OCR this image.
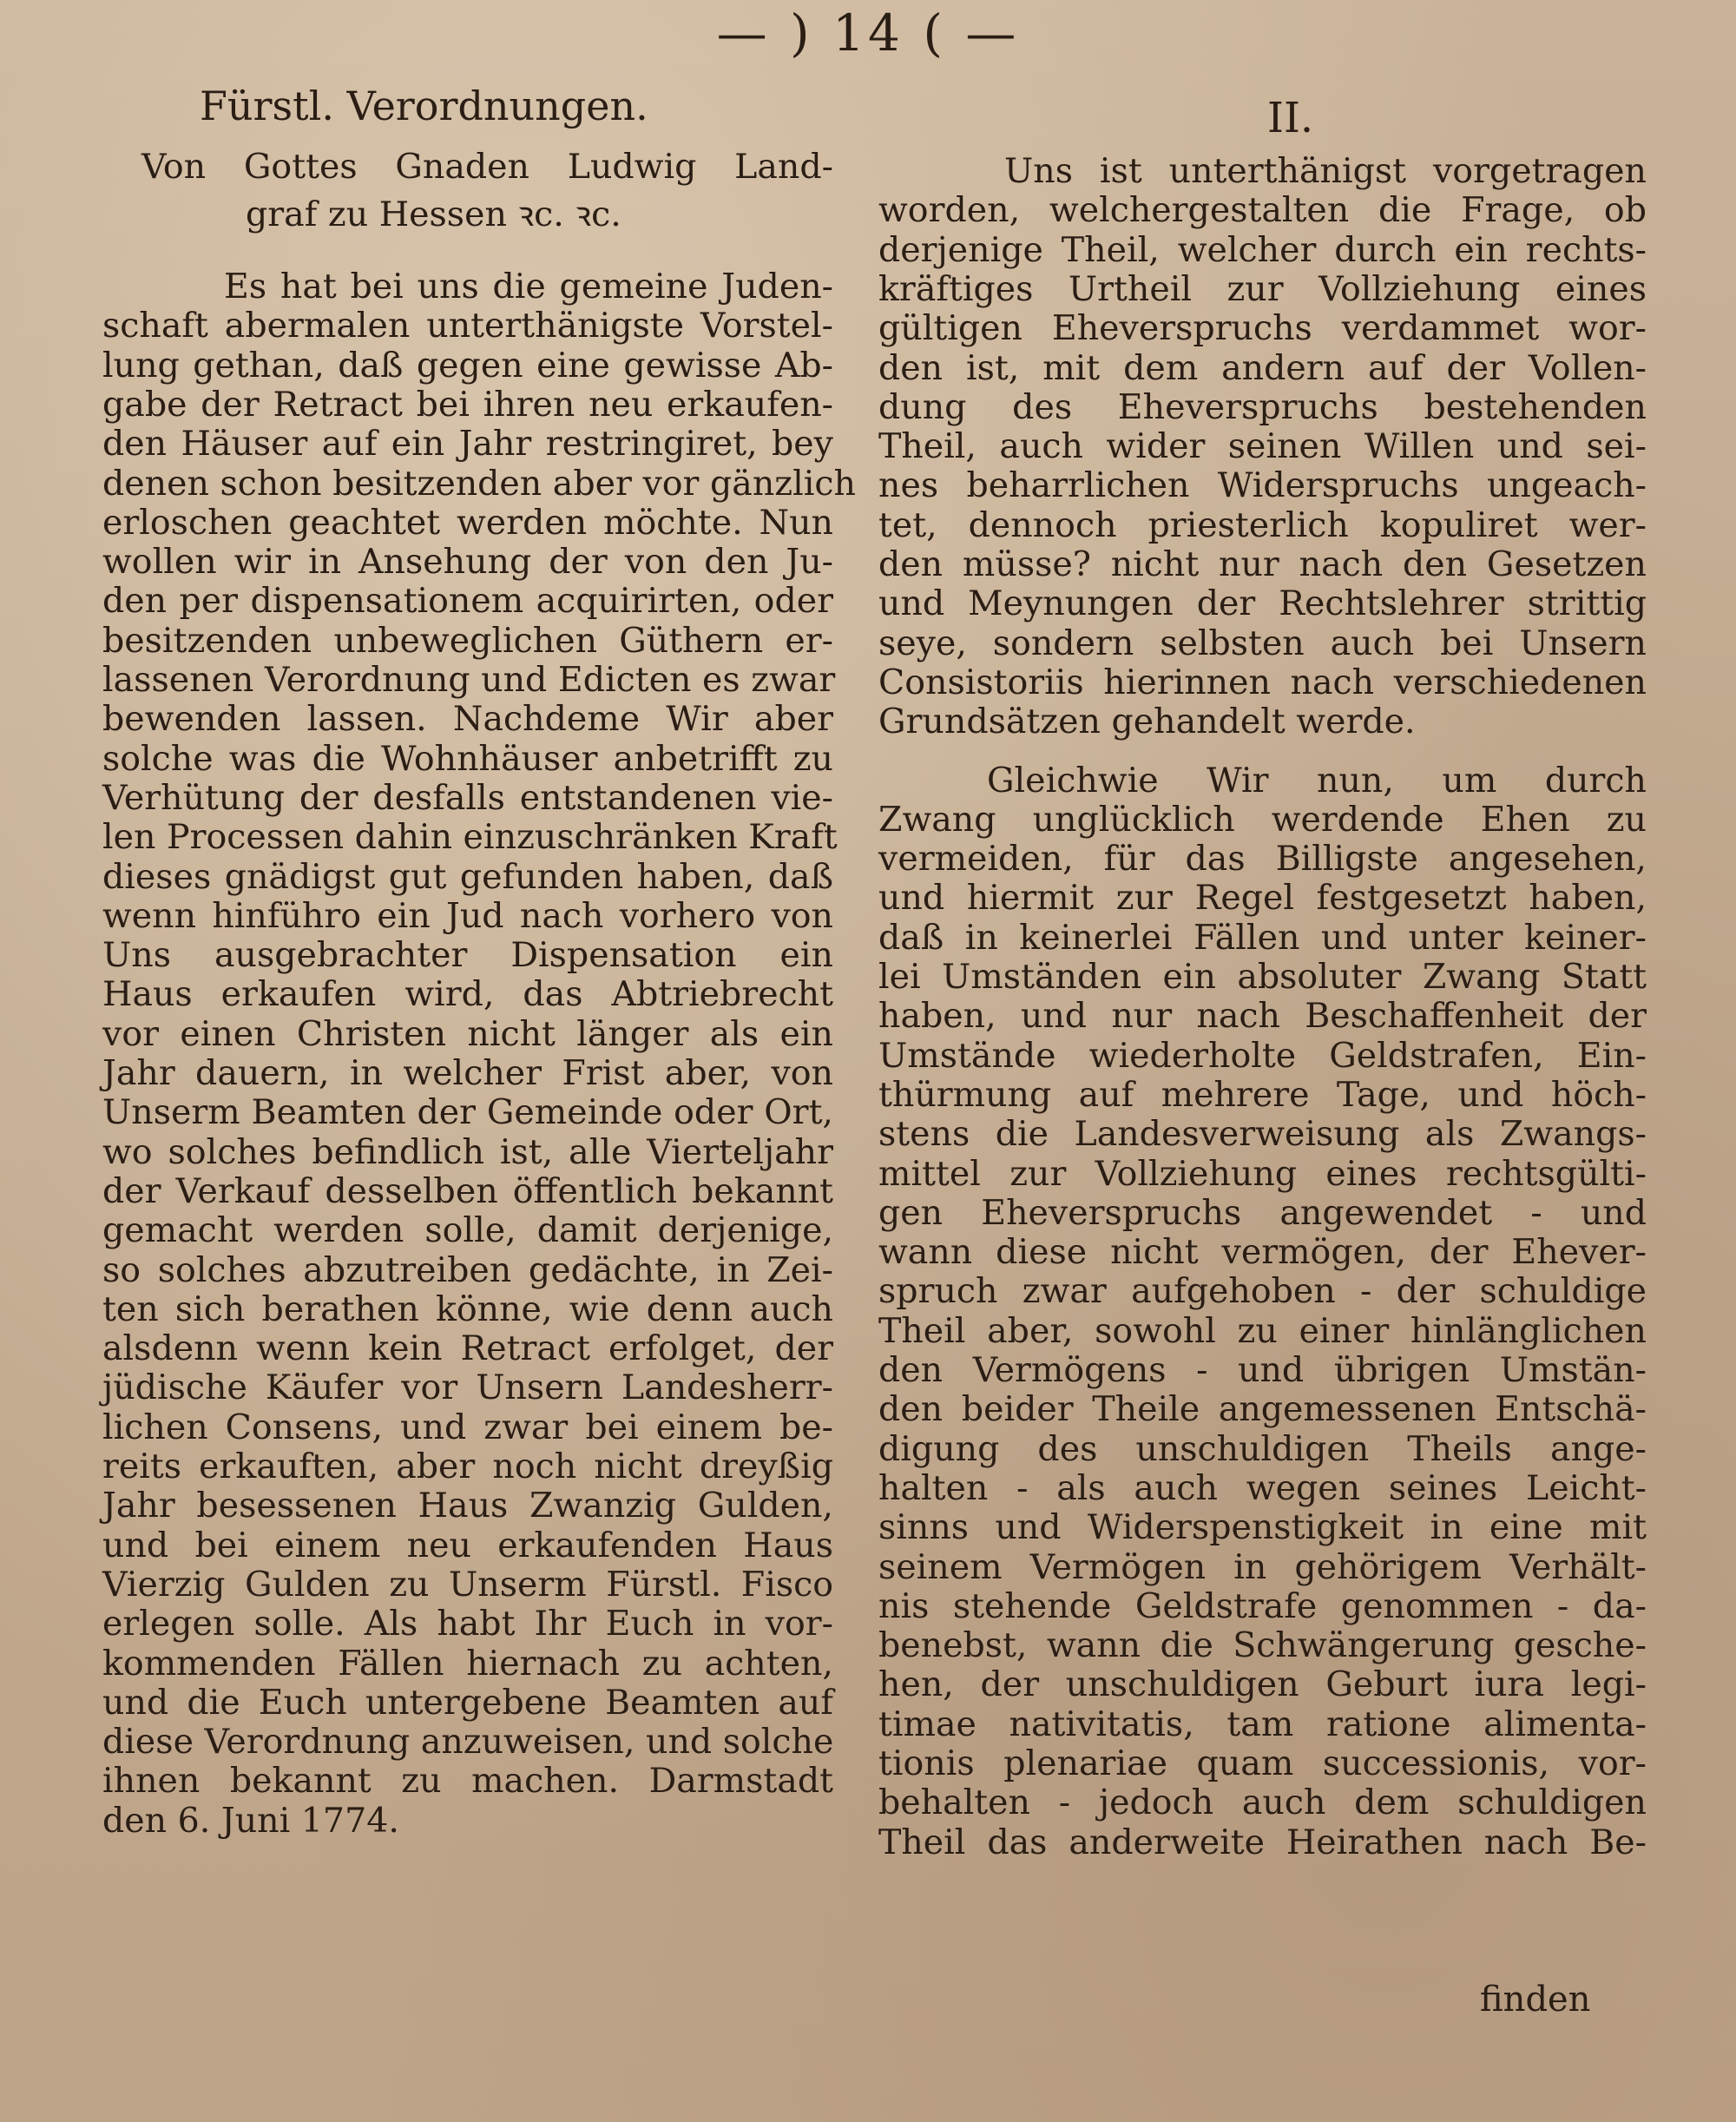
— ) 14 ( —
Fürstl. Verordnungen.	II.
Von Gottes Gnaden Ludwig Land-
graf zu Hessen ꝛc. ꝛc.
Es hat bei uns die gemeine Juden-
schaft abermalen unterthänigste Vorstel-
lung gethan, daß gegen eine gewisse Ab-
gabe der Retract bei ihren neu erkaufen-
den Häuser auf ein Jahr restringiret, bey
denen schon besitzenden aber vor gänzlich
erloschen geachtet werden möchte. Nun
wollen wir in Ansehung der von den Ju-
den per dispensationem acquirirten, oder
besitzenden unbeweglichen Güthern er-
lassenen Verordnung und Edicten es zwar
bewenden lassen. Nachdeme Wir aber
solche was die Wohnhäuser anbetrifft zu
Verhütung der desfalls entstandenen vie-
len Processen dahin einzuschränken Kraft
dieses gnädigst gut gefunden haben, daß
wenn hinführo ein Jud nach vorhero von
Uns ausgebrachter Dispensation ein
Haus erkaufen wird, das Abtriebrecht
vor einen Christen nicht länger als ein
Jahr dauern, in welcher Frist aber, von
Unserm Beamten der Gemeinde oder Ort,
wo solches befindlich ist, alle Vierteljahr
der Verkauf desselben öffentlich bekannt
gemacht werden solle, damit derjenige,
so solches abzutreiben gedächte, in Zei-
ten sich berathen könne, wie denn auch
alsdenn wenn kein Retract erfolget, der
jüdische Käufer vor Unsern Landesherr-
lichen Consens, und zwar bei einem be-
reits erkauften, aber noch nicht dreyßig
Jahr besessenen Haus Zwanzig Gulden,
und bei einem neu erkaufenden Haus
Vierzig Gulden zu Unserm Fürstl. Fisco
erlegen solle. Als habt Ihr Euch in vor-
kommenden Fällen hiernach zu achten,
und die Euch untergebene Beamten auf
diese Verordnung anzuweisen, und solche
ihnen bekannt zu machen. Darmstadt
den 6. Juni 1774.
Uns ist unterthänigst vorgetragen
worden, welchergestalten die Frage, ob
derjenige Theil, welcher durch ein rechts-
kräftiges Urtheil zur Vollziehung eines
gültigen Eheverspruchs verdammet wor-
den ist, mit dem andern auf der Vollen-
dung des Eheverspruchs bestehenden
Theil, auch wider seinen Willen und sei-
nes beharrlichen Widerspruchs ungeach-
tet, dennoch priesterlich kopuliret wer-
den müsse? nicht nur nach den Gesetzen
und Meynungen der Rechtslehrer strittig
seye, sondern selbsten auch bei Unsern
Consistoriis hierinnen nach verschiedenen
Grundsätzen gehandelt werde.
Gleichwie Wir nun, um durch
Zwang unglücklich werdende Ehen zu
vermeiden, für das Billigste angesehen,
und hiermit zur Regel festgesetzt haben,
daß in keinerlei Fällen und unter keiner-
lei Umständen ein absoluter Zwang Statt
haben, und nur nach Beschaffenheit der
Umstände wiederholte Geldstrafen, Ein-
thürmung auf mehrere Tage, und höch-
stens die Landesverweisung als Zwangs-
mittel zur Vollziehung eines rechtsgülti-
gen Eheverspruchs angewendet - und
wann diese nicht vermögen, der Ehever-
spruch zwar aufgehoben - der schuldige
Theil aber, sowohl zu einer hinlänglichen
den Vermögens - und übrigen Umstän-
den beider Theile angemessenen Entschä-
digung des unschuldigen Theils ange-
halten - als auch wegen seines Leicht-
sinns und Widerspenstigkeit in eine mit
seinem Vermögen in gehörigem Verhält-
nis stehende Geldstrafe genommen - da-
benebst, wann die Schwängerung gesche-
hen, der unschuldigen Geburt iura legi-
timae nativitatis, tam ratione alimenta-
tionis plenariae quam successionis, vor-
behalten - jedoch auch dem schuldigen
Theil das anderweite Heirathen nach Be-
finden
